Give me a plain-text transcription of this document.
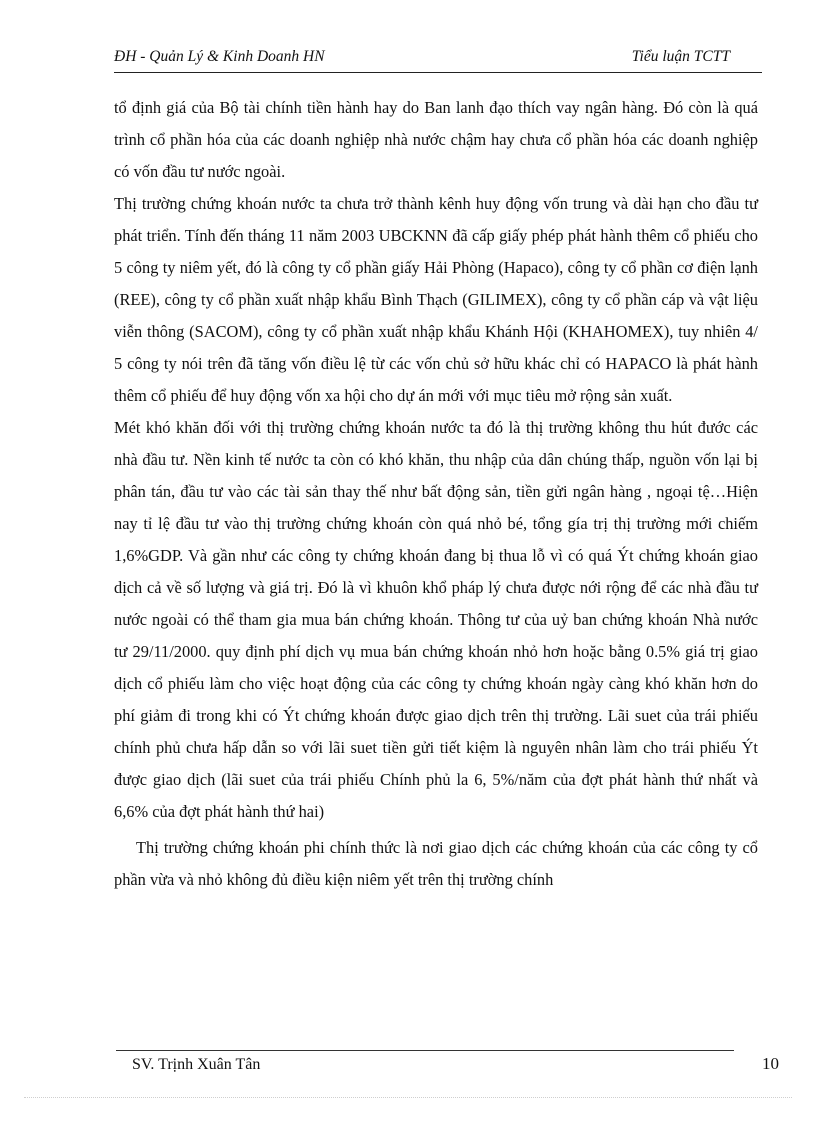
ĐH - Quản Lý & Kinh Doanh HN	Tiểu luận TCTT

tổ định giá của Bộ tài chính tiền hành hay do Ban lanh đạo thích vay ngân hàng. Đó còn là quá trình cổ phần hóa của các doanh nghiệp nhà nước chậm hay chưa cổ phần hóa các doanh nghiệp có vốn đầu tư nước ngoài.

Thị trường chứng khoán nước ta chưa trở thành kênh huy động vốn trung và dài hạn cho đầu tư phát triển. Tính đến tháng 11 năm 2003 UBCKNN đã cấp giấy phép phát hành thêm cổ phiếu cho 5 công ty niêm yết, đó là công ty cổ phần giấy Hải Phòng (Hapaco), công ty cổ phần cơ điện lạnh (REE), công ty cổ phần xuất nhập khẩu Bình Thạch (GILIMEX), công ty cổ phần cáp và vật liệu viễn thông (SACOM), công ty cổ phần xuất nhập khẩu Khánh Hội (KHAHOMEX), tuy nhiên 4/ 5 công ty nói trên đã tăng vốn điều lệ từ các vốn chủ sở hữu khác chỉ có HAPACO là phát hành thêm cổ phiếu để huy động vốn xa hội cho dự án mới với mục tiêu mở rộng sản xuất.

Mét khó khăn đối với thị trường chứng khoán nước ta đó là thị trường không thu hút đước các nhà đầu tư. Nền kinh tế nước ta còn có khó khăn, thu nhập của dân chúng thấp, nguồn vốn lại bị phân tán, đầu tư vào các tài sản thay thế như bất động sản, tiền gửi ngân hàng , ngoại tệ…Hiện nay tỉ lệ đầu tư vào thị trường chứng khoán còn quá nhỏ bé, tổng gía trị thị trường mới chiếm 1,6%GDP. Và gần như các công ty chứng khoán đang bị thua lỗ vì có quá Ýt chứng khoán giao dịch cả về số lượng và giá trị. Đó là vì khuôn khổ pháp lý chưa được nới rộng để các nhà đầu tư nước ngoài có thể tham gia mua bán chứng khoán. Thông tư của uỷ ban chứng khoán Nhà nước tư 29/11/2000. quy định phí dịch vụ mua bán chứng khoán nhỏ hơn hoặc bằng 0.5% giá trị giao dịch cổ phiếu làm cho việc hoạt động của các công ty chứng khoán ngày càng khó khăn hơn do phí giảm đi trong khi có Ýt chứng khoán được giao dịch trên thị trường. Lãi suet của trái phiếu chính phủ chưa hấp dẫn so với lãi suet tiền gửi tiết kiệm là nguyên nhân làm cho trái phiếu Ýt được giao dịch (lãi suet của trái phiếu Chính phủ la 6, 5%/năm của đợt phát hành thứ nhất và 6,6% của đợt phát hành thứ hai)

Thị trường chứng khoán phi chính thức là nơi giao dịch các chứng khoán của các công ty cổ phần vừa và nhỏ không đủ điều kiện niêm yết trên thị trường chính

SV. Trịnh Xuân Tân	10
